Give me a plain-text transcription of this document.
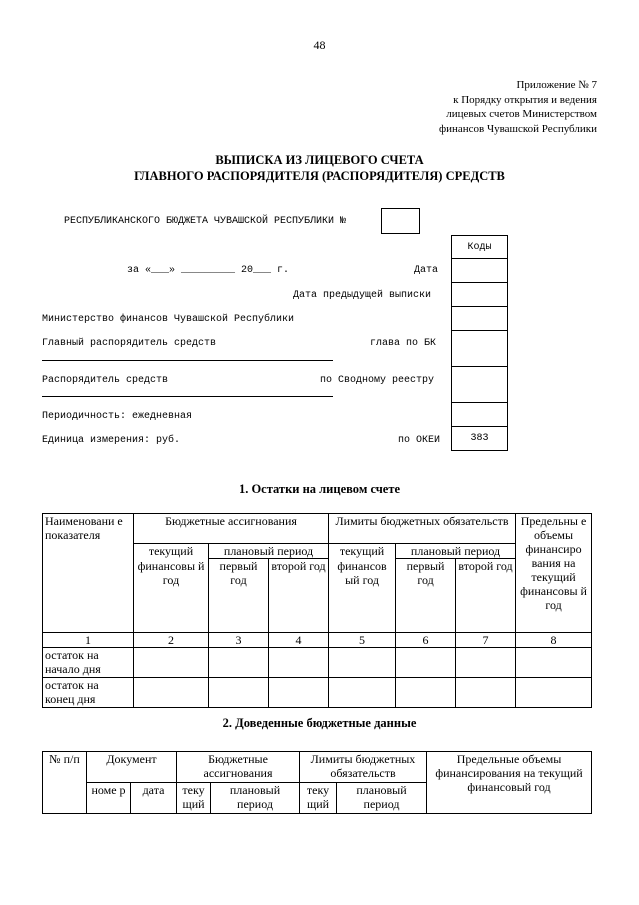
48
Приложение № 7
к Порядку открытия и ведения
лицевых счетов Министерством
финансов Чувашской Республики
ВЫПИСКА ИЗ ЛИЦЕВОГО СЧЕТА
ГЛАВНОГО РАСПОРЯДИТЕЛЯ (РАСПОРЯДИТЕЛЯ) СРЕДСТВ
РЕСПУБЛИКАНСКОГО БЮДЖЕТА ЧУВАШСКОЙ РЕСПУБЛИКИ №
за «___» _________ 20___ г.	Дата
Дата предыдущей выписки
Министерство финансов Чувашской Республики
Главный распорядитель средств	глава по БК
Распорядитель средств	по Сводному реестру
Периодичность: ежедневная
Единица измерения: руб.	по ОКЕИ
Коды

383
1. Остатки на лицевом счете
Наименовани е показателя	Бюджетные ассигнования			Лимиты бюджетных обязательств			Предельны е объемы финансиро вания на текущий финансовы й год
	текущий	плановый период		текущий	плановый период		
	финансовы й год	первый год	второй год	финансов ый год	первый год	второй год	
1	2	3	4	5	6	7	8
остаток на начало дня							
остаток на конец дня							
2. Доведенные бюджетные данные
№ п/п	Документ		Бюджетные ассигнования		Лимиты бюджетных обязательств		Предельные объемы финансирования на текущий финансовый год
	номе р	дата	теку щий	плановый период	теку щий	плановый период	
